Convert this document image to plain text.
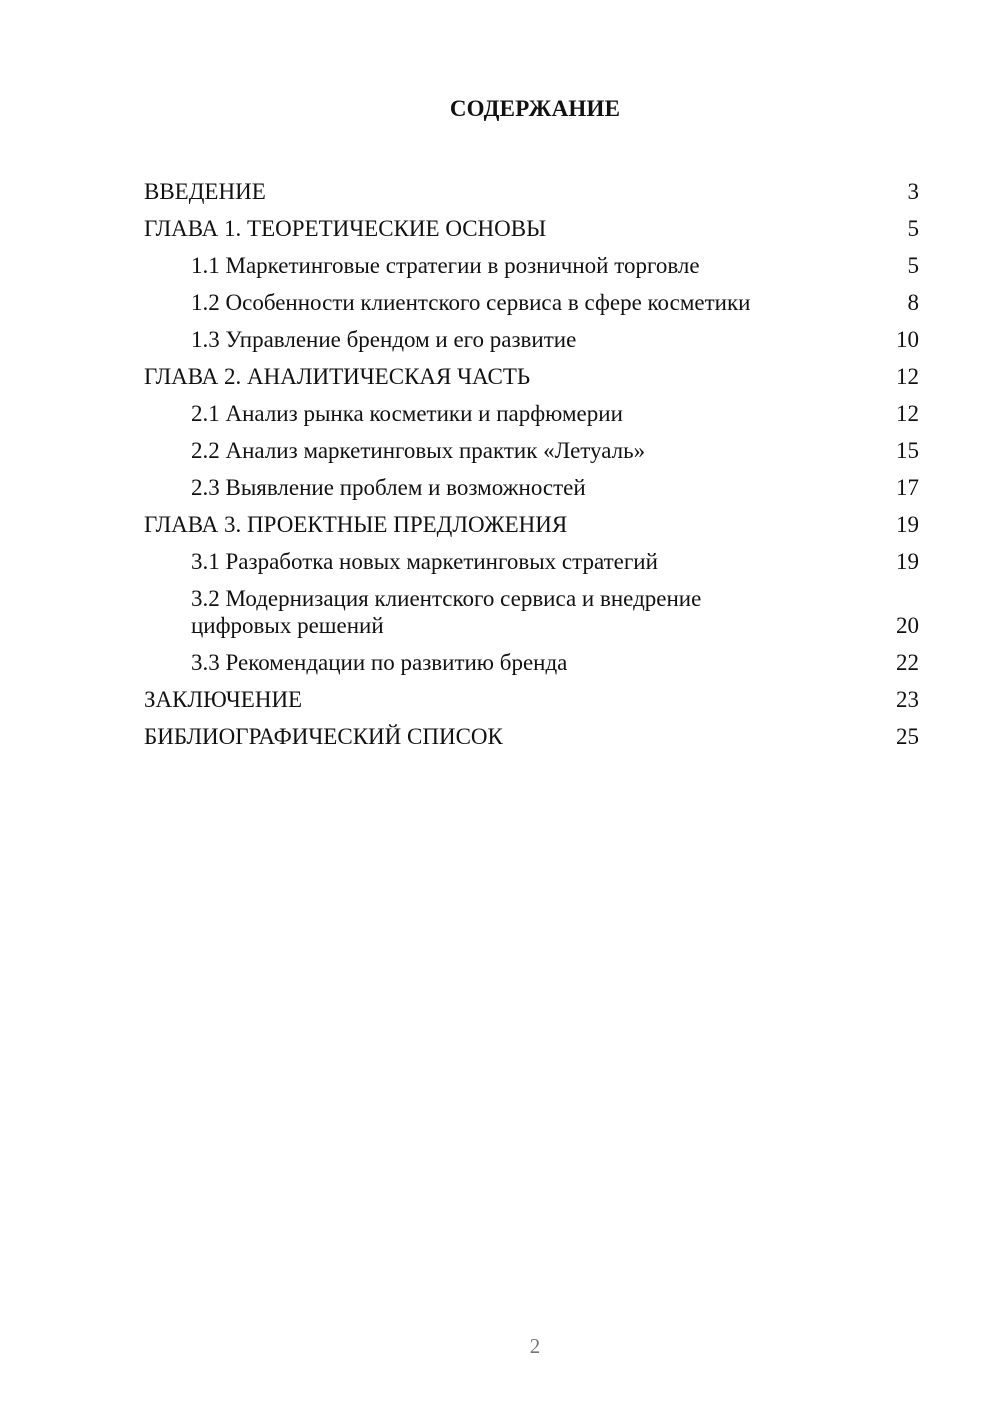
СОДЕРЖАНИЕ
ВВЕДЕНИЕ	3
ГЛАВА 1. ТЕОРЕТИЧЕСКИЕ ОСНОВЫ	5
1.1 Маркетинговые стратегии в розничной торговле	5
1.2 Особенности клиентского сервиса в сфере косметики	8
1.3 Управление брендом и его развитие	10
ГЛАВА 2. АНАЛИТИЧЕСКАЯ ЧАСТЬ	12
2.1 Анализ рынка косметики и парфюмерии	12
2.2 Анализ маркетинговых практик «Летуаль»	15
2.3 Выявление проблем и возможностей	17
ГЛАВА 3. ПРОЕКТНЫЕ ПРЕДЛОЖЕНИЯ	19
3.1 Разработка новых маркетинговых стратегий	19
3.2 Модернизация клиентского сервиса и внедрение цифровых решений	20
3.3 Рекомендации по развитию бренда	22
ЗАКЛЮЧЕНИЕ	23
БИБЛИОГРАФИЧЕСКИЙ СПИСОК	25
2
